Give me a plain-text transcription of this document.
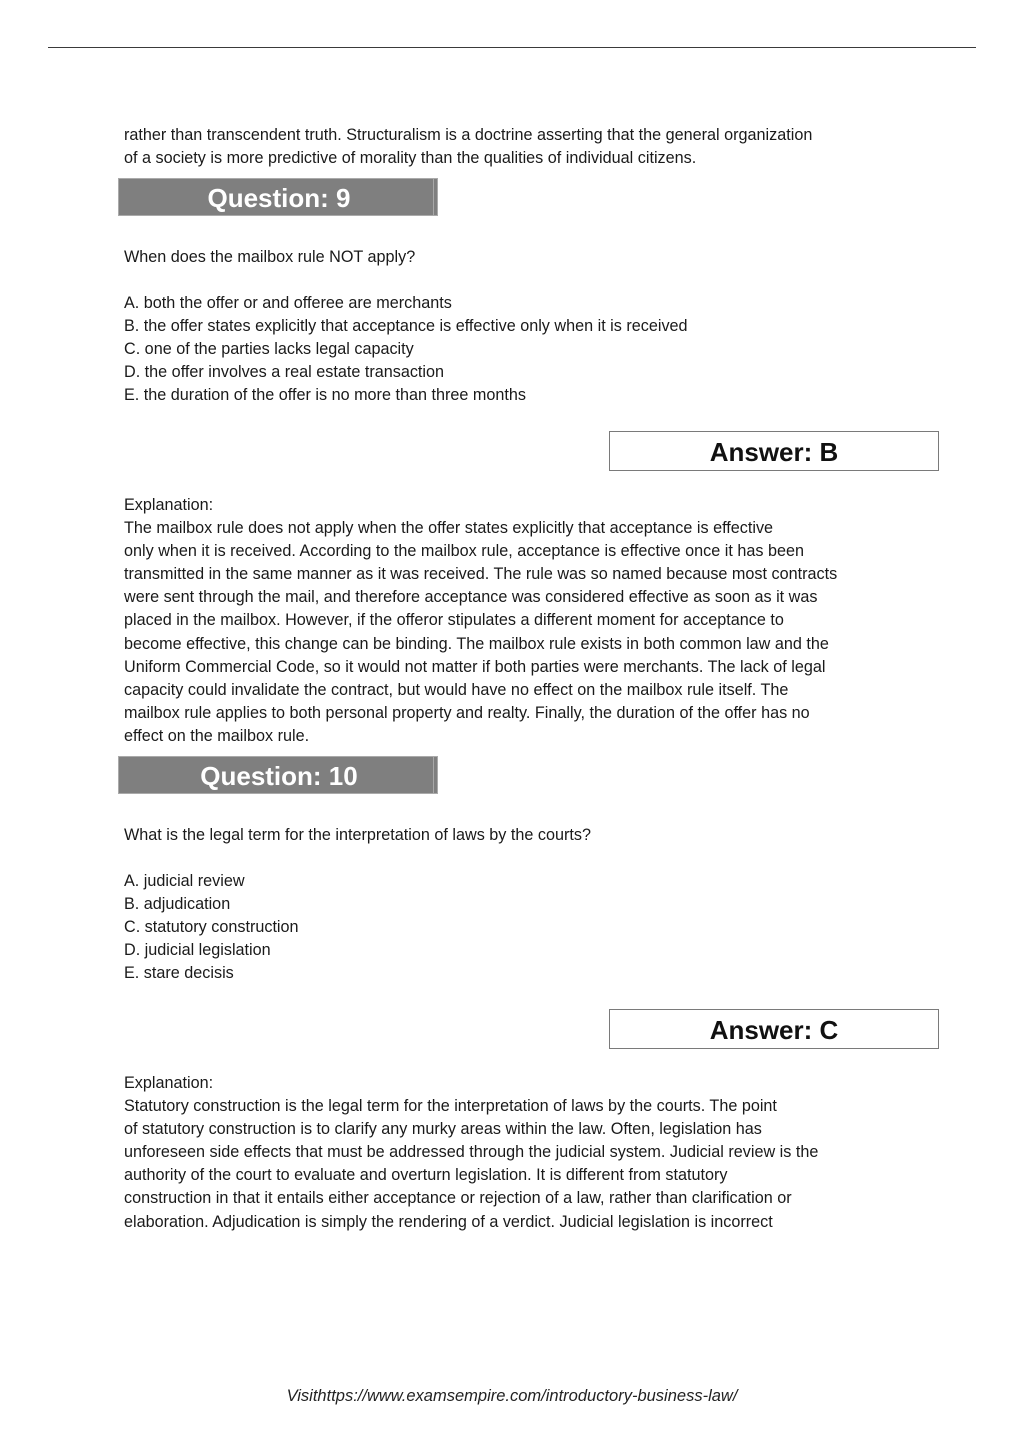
rather than transcendent truth. Structuralism is a doctrine asserting that the general organization
of a society is more predictive of morality than the qualities of individual citizens.
Question: 9
When does the mailbox rule NOT apply?
A. both the offer or and offeree are merchants
B. the offer states explicitly that acceptance is effective only when it is received
C. one of the parties lacks legal capacity
D. the offer involves a real estate transaction
E. the duration of the offer is no more than three months
Answer: B
Explanation:
The mailbox rule does not apply when the offer states explicitly that acceptance is effective
only when it is received. According to the mailbox rule, acceptance is effective once it has been
transmitted in the same manner as it was received. The rule was so named because most contracts
were sent through the mail, and therefore acceptance was considered effective as soon as it was
placed in the mailbox. However, if the offeror stipulates a different moment for acceptance to
become effective, this change can be binding. The mailbox rule exists in both common law and the
Uniform Commercial Code, so it would not matter if both parties were merchants. The lack of legal
capacity could invalidate the contract, but would have no effect on the mailbox rule itself. The
mailbox rule applies to both personal property and realty. Finally, the duration of the offer has no
effect on the mailbox rule.
Question: 10
What is the legal term for the interpretation of laws by the courts?
A. judicial review
B. adjudication
C. statutory construction
D. judicial legislation
E. stare decisis
Answer: C
Explanation:
Statutory construction is the legal term for the interpretation of laws by the courts. The point
of statutory construction is to clarify any murky areas within the law. Often, legislation has
unforeseen side effects that must be addressed through the judicial system. Judicial review is the
authority of the court to evaluate and overturn legislation. It is different from statutory
construction in that it entails either acceptance or rejection of a law, rather than clarification or
elaboration. Adjudication is simply the rendering of a verdict. Judicial legislation is incorrect
Visithttps://www.examsempire.com/introductory-business-law/
